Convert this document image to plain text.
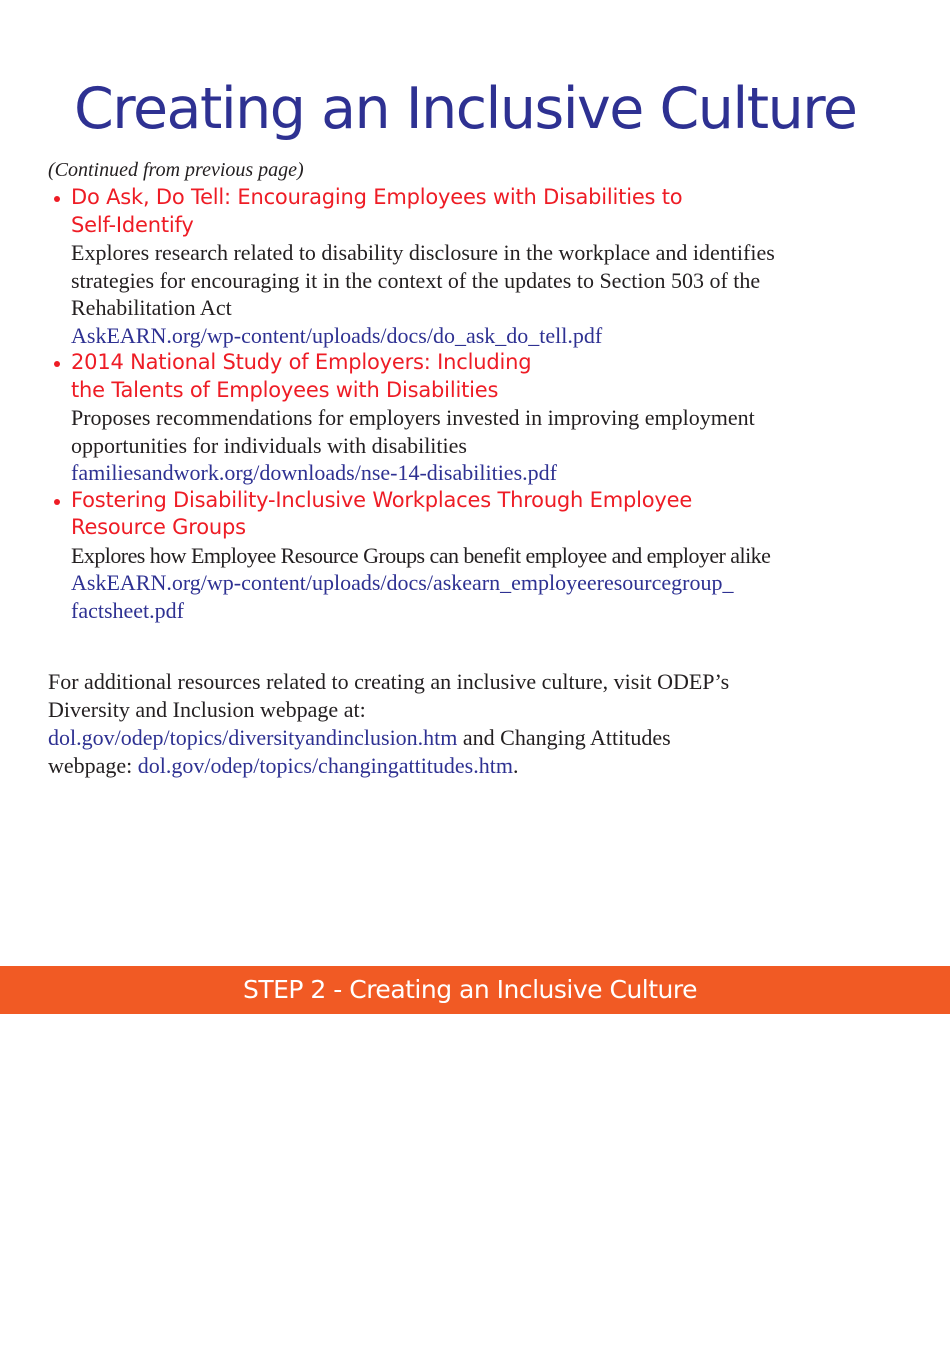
Creating an Inclusive Culture
(Continued from previous page)
Do Ask, Do Tell: Encouraging Employees with Disabilities to
Self-Identify
Explores research related to disability disclosure in the workplace and identifies
strategies for encouraging it in the context of the updates to Section 503 of the
Rehabilitation Act
AskEARN.org/wp-content/uploads/docs/do_ask_do_tell.pdf
2014 National Study of Employers: Including
the Talents of Employees with Disabilities
Proposes recommendations for employers invested in improving employment
opportunities for individuals with disabilities
familiesandwork.org/downloads/nse-14-disabilities.pdf
Fostering Disability-Inclusive Workplaces Through Employee
Resource Groups
Explores how Employee Resource Groups can benefit employee and employer alike
AskEARN.org/wp-content/uploads/docs/askearn_employeeresourcegroup_
factsheet.pdf

For additional resources related to creating an inclusive culture, visit ODEP’s Diversity and Inclusion webpage at: dol.gov/odep/topics/diversityandinclusion.htm and Changing Attitudes webpage: dol.gov/odep/topics/changingattitudes.htm.

STEP 2 - Creating an Inclusive Culture
